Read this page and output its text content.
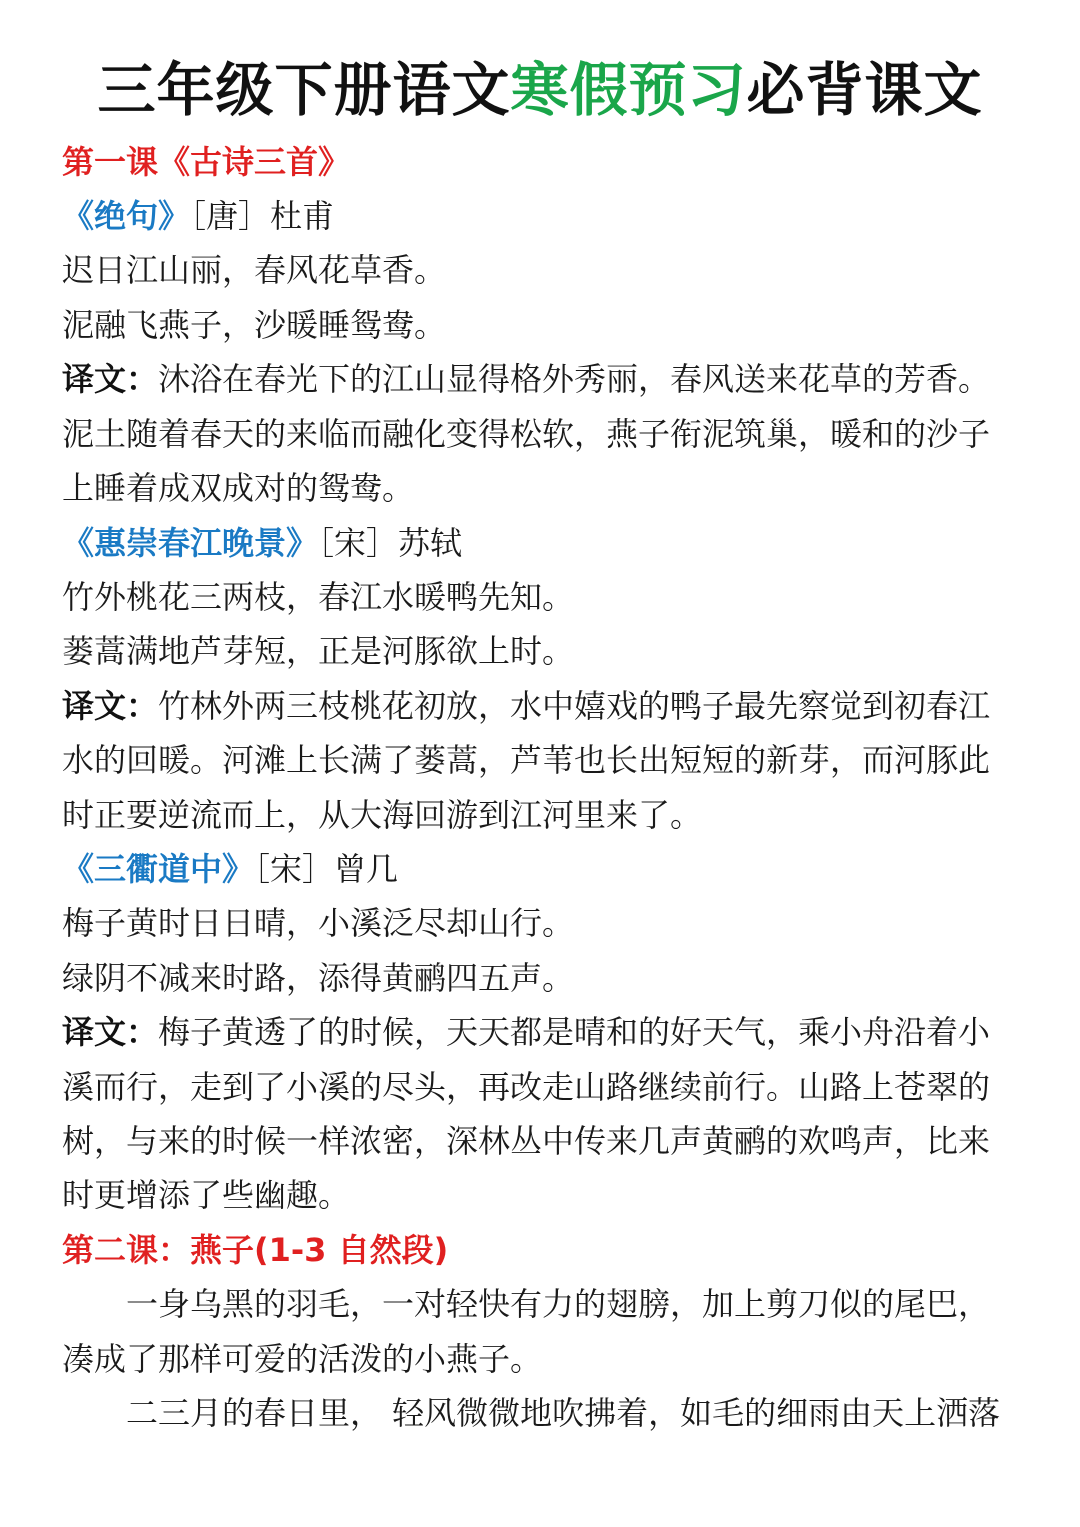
三年级下册语文寒假预习必背课文
第一课《古诗三首》
《绝句》［唐］杜甫
迟日江山丽，春风花草香。
泥融飞燕子，沙暖睡鸳鸯。
译文：沐浴在春光下的江山显得格外秀丽，春风送来花草的芳香。
泥土随着春天的来临而融化变得松软，燕子衔泥筑巢，暖和的沙子
上睡着成双成对的鸳鸯。
《惠崇春江晚景》［宋］苏轼
竹外桃花三两枝，春江水暖鸭先知。
蒌蒿满地芦芽短，正是河豚欲上时。
译文：竹林外两三枝桃花初放，水中嬉戏的鸭子最先察觉到初春江
水的回暖。河滩上长满了蒌蒿，芦苇也长出短短的新芽，而河豚此
时正要逆流而上，从大海回游到江河里来了。
《三衢道中》［宋］曾几
梅子黄时日日晴，小溪泛尽却山行。
绿阴不减来时路，添得黄鹂四五声。
译文：梅子黄透了的时候，天天都是晴和的好天气，乘小舟沿着小
溪而行，走到了小溪的尽头，再改走山路继续前行。山路上苍翠的
树，与来的时候一样浓密，深林丛中传来几声黄鹂的欢鸣声，比来
时更增添了些幽趣。
第二课：燕子(1-3 自然段)
一身乌黑的羽毛，一对轻快有力的翅膀，加上剪刀似的尾巴，
凑成了那样可爱的活泼的小燕子。
二三月的春日里， 轻风微微地吹拂着，如毛的细雨由天上洒落
